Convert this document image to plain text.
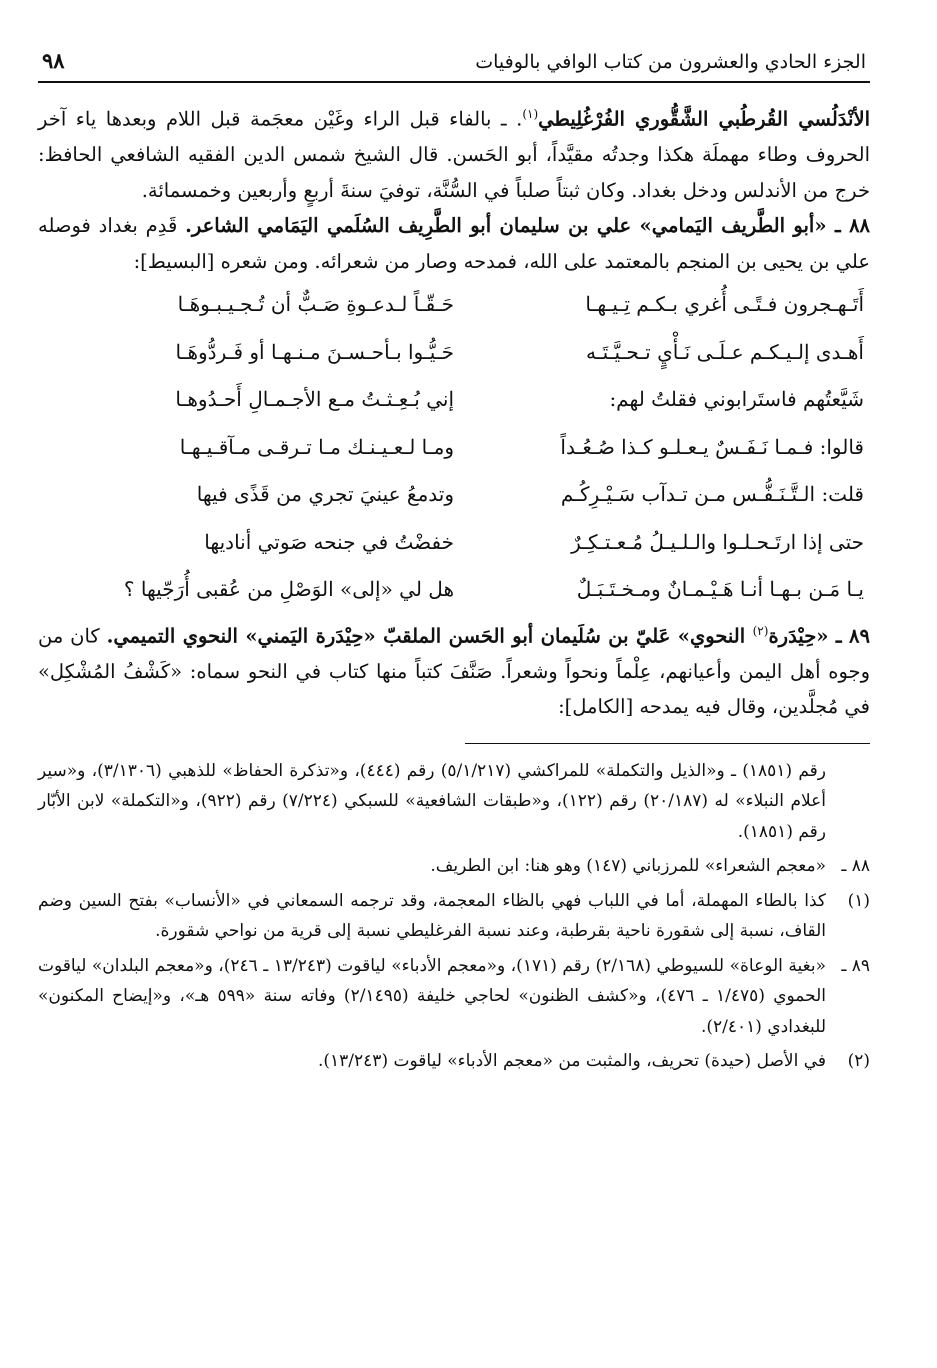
٩٨	الجزء الحادي والعشرون من كتاب الوافي بالوفيات

الأنْدَلُسي القُرطُبي الشَّقُّوري الفُرْغُلِيطي$^{(١)}$. ـ بالفاء قبل الراء وغَيْن معجَمة قبل اللام وبعدها ياء آخر الحروف وطاء مهملَة هكذا وجدتُه مقيَّداً، أبو الحَسن. قال الشيخ شمس الدين الفقيه الشافعي الحافظ: خرج من الأندلس ودخل بغداد. وكان ثبتاً صلباً في السُّنَّة، توفيَ سنةَ أربعٍ وأربعين وخمسمائة.

٨٨ ـ «أبو الطَّريف اليَمامي» علي بن سليمان أبو الطَّرِيف السُلَمي اليَمَامي الشاعر. قَدِم بغداد فوصله علي بن يحيى بن المنجم بالمعتمد على الله، فمدحه وصار من شعرائه. ومن شعره [البسيط]:

أَتَـهـجرون فـتًـى أُغري بـكـم تِـيـهـا
حَـقّـاً لـدعـوةِ صَـبٌّ أن تُـجـيـبـوهَـا
أَهـدى إلـيـكـم عـلَـى نَـأْيٍ تـحـيَّـتَـه
حَـيُّـوا بـأحـسـنَ مـنـهـا أو فَـردُّوهَـا
شَيَّعتُهم فاستَرابوني فقلتُ لهم:
إني بُـعِـثـتُ مـع الأجـمـالِ أَحـدُوهـا
قالوا: فـمـا نَـفَـسٌ يـعـلـو كـذا صُـعُـداً
ومـا لـعـيـنـك مـا تـرقـى مـآقـيـهـا
قلت: الـتَّـنَـفُّـس مـن تـدآب سَـيْـرِكُـم
وتدمعُ عينيَ تجري من قَذًى فيها
حتى إذا ارتَـحـلـوا والـلـيـلُ مُـعـتـكِـرٌ
خفضْتُ في جنحه صَوتي أناديها
يـا مَـن بـهـا أنـا هَـيْـمـانٌ ومـخـتَـبَـلٌ
هل لي «إلى» الوَصْلِ من عُقبى أُرَجّيها ؟

٨٩ ـ «حِيْدَرة$^{(٢)}$ النحوي» عَليّ بن سُلَيمان أبو الحَسن الملقبّ «حِيْدَرة اليَمني» النحوي التميمي. كان من وجوه أهل اليمن وأعيانهم، عِلْماً ونحواً وشعراً. صَنَّفَ كتباً منها كتاب في النحو سماه: «كَشْفُ المُشْكِل» في مُجلَّدين، وقال فيه يمدحه [الكامل]:

رقم (١٨٥١) ـ و«الذيل والتكملة» للمراكشي (٥/١/٢١٧) رقم (٤٤٤)، و«تذكرة الحفاظ» للذهبي (٣/١٣٠٦)، و«سير أعلام النبلاء» له (٢٠/١٨٧) رقم (١٢٢)، و«طبقات الشافعية» للسبكي (٧/٢٢٤) رقم (٩٢٢)، و«التكملة» لابن الأبّار رقم (١٨٥١).
٨٨ ـ
«معجم الشعراء» للمرزباني (١٤٧) وهو هنا: ابن الطريف.
(١)
كذا بالطاء المهملة، أما في اللباب فهي بالظاء المعجمة، وقد ترجمه السمعاني في «الأنساب» بفتح السين وضم القاف، نسبة إلى شقورة ناحية بقرطبة، وعند نسبة الفرغليطي نسبة إلى قرية من نواحي شقورة.
٨٩ ـ
«بغية الوعاة» للسيوطي (٢/١٦٨) رقم (١٧١)، و«معجم الأدباء» لياقوت (١٣/٢٤٣ ـ ٢٤٦)، و«معجم البلدان» لياقوت الحموي (١/٤٧٥ ـ ٤٧٦)، و«كشف الظنون» لحاجي خليفة (٢/١٤٩٥) وفاته سنة «٥٩٩ هـ»، و«إيضاح المكنون» للبغدادي (٢/٤٠١).
(٢)
في الأصل (حيدة) تحريف، والمثبت من «معجم الأدباء» لياقوت (١٣/٢٤٣).
